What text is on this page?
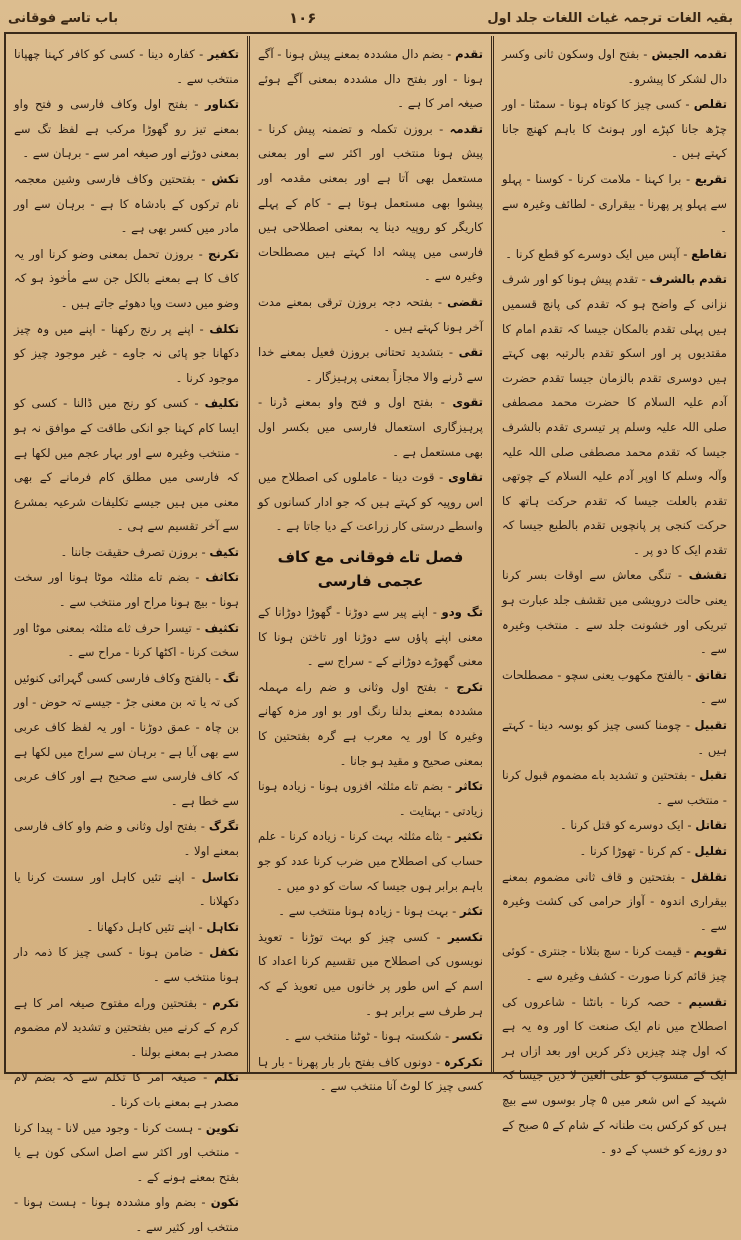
باب تاسے فوقانی	۱۰۶	بقیہ الغات ترجمہ غیاث اللغات جلد اول
تقدمہ الجیش - بفتح اول وسکون ثانی وکسر دال لشکر کا پیشرو۔
تقلص - کسی چیز کا کوتاہ ہونا - سمٹنا - اور چڑھ جانا کپڑے اور ہونٹ کا باہم کھنچ جانا کہتے ہیں ۔
تقریع - برا کہنا - ملامت کرنا - کوسنا - پہلو سے پہلو پر پھرنا - بیقراری - لطائف وغیرہ سے ۔
تقاطع - آپس میں ایک دوسرے کو قطع کرنا ۔
تقدم بالشرف - تقدم پیش ہونا کو اور شرف نزانی کے واضح ہو کہ تقدم کی پانچ قسمیں ہیں پہلی تقدم بالمکان جیسا کہ تقدم امام کا مقتدیوں پر اور اسکو تقدم بالرتبہ بھی کہتے ہیں دوسری تقدم بالزمان جیسا تقدم حضرت آدم علیہ السلام کا حضرت محمد مصطفی صلی اللہ علیہ وسلم پر تیسری تقدم بالشرف جیسا کہ تقدم محمد مصطفی صلی اللہ علیہ وآلہ وسلم کا اوپر آدم علیہ السلام کے چوتھی تقدم بالعلت جیسا کہ تقدم حرکت ہاتھ کا حرکت کنجی پر پانچویں تقدم بالطبع جیسا کہ تقدم ایک کا دو پر ۔
تقشف - تنگی معاش سے اوقات بسر کرنا یعنی حالت درویشی میں تقشف جلد عبارت ہو تبریکی اور خشونت جلد سے ۔ منتخب وغیرہ سے ۔
تقاتق - بالفتح مکھوب یعنی سچو - مصطلحات سے ۔
تقبیل - چومنا کسی چیز کو بوسہ دینا - کہتے ہیں ۔
تقبل - بفتحتین و تشدید باے مضموم قبول کرنا - منتخب سے ۔
تقاتل - ایک دوسرے کو قتل کرنا ۔
تفلیل - کم کرنا - تھوڑا کرنا ۔
تقلقل - بفتحتین و قاف ثانی مضموم بمعنے بیقراری اندوہ - آواز حرامی کی کشت وغیرہ سے ۔
تقویم - قیمت کرنا - سچ بتلانا - جنتری - کوئی چیز قائم کرنا صورت - کشف وغیرہ سے ۔
تقسیم - حصہ کرنا - بانٹنا - شاعروں کی اصطلاح میں نام ایک صنعت کا اور وہ یہ ہے کہ اول چند چیزیں ذکر کریں اور بعد ازاں ہر ایک کے منسوب کو علی العین لا دیں جیسا کہ شہید کے اس شعر میں ۵ چار بوسوں سے بیچ ہیں کو کرکس بت طنانہ کے شام کے ۵ صبح کے دو روزے کو خسپ کے دو ۔
تقدم - بضم دال مشددہ بمعنے پیش ہونا - آگے ہونا - اور بفتح دال مشددہ بمعنی آگے ہوئے صیغہ امر کا ہے ۔
تقدمہ - بروزن تکملہ و تضمنہ پیش کرنا - پیش ہونا منتخب اور اکثر سے اور بمعنی مستعمل بھی آتا ہے اور بمعنی مقدمہ اور پیشوا بھی مستعمل ہوتا ہے - کام کے پہلے کاریگر کو روپیہ دینا یہ بمعنی اصطلاحی ہیں فارسی میں پیشہ ادا کہتے ہیں مصطلحات وغیرہ سے ۔
تقضی - بفتحہ دجہ بروزن ترقی بمعنے مدت آخر ہونا کہتے ہیں ۔
تقی - بتشدید تحتانی بروزن فعیل بمعنے خدا سے ڈرنے والا مجازاً بمعنی پرہیزگار ۔
تقوی - بفتح اول و فتح واو بمعنے ڈرنا - پرہیزگاری استعمال فارسی میں بکسر اول بھی مستعمل ہے ۔
تقاوی - قوت دینا - عاملوں کی اصطلاح میں اس روپیہ کو کہتے ہیں کہ جو ادار کسانوں کو واسطے درستی کار زراعت کے دیا جاتا ہے ۔
فصل تاے فوقانی مع کاف عجمی فارسی
تگ ودو - اپنے پیر سے دوڑنا - گھوڑا دوڑانا کے معنی اپنے پاؤں سے دوڑنا اور تاختن ہونا کا معنی گھوڑے دوڑانے کے - سراج سے ۔
تکرج - بفتح اول وثانی و ضم راے مہملہ مشددہ بمعنے بدلنا رنگ اور بو اور مزہ کھانے وغیرہ کا اور یہ معرب ہے گرہ بفتحتین کا بمعنی صحیح و مقید ہو جانا ۔
تکاثر - بضم تاے مثلثہ افزوں ہونا - زیادہ ہونا زیادتی - بہتایت ۔
تکثیر - بثاے مثلثہ بہت کرنا - زیادہ کرنا - علم حساب کی اصطلاح میں ضرب کرنا عدد کو جو باہم برابر ہوں جیسا کہ سات کو دو میں ۔
تکثر - بہت ہونا - زیادہ ہونا منتخب سے ۔
تکسیر - کسی چیز کو بہت توڑنا - تعویذ نویسوں کی اصطلاح میں تقسیم کرنا اعداد کا اسم کے اس طور پر خانوں میں تعویذ کے کہ ہر طرف سے برابر ہو ۔
تکسر - شکستہ ہونا - ٹوٹنا منتخب سے ۔
تکرکرہ - دونوں کاف بفتح بار بار پھرنا - بار ہا کسی چیز کا لوٹ آنا منتخب سے ۔
تکفیر - کفارہ دینا - کسی کو کافر کہنا چھپانا منتخب سے ۔
تکناور - بفتح اول وکاف فارسی و فتح واو بمعنے تیز رو گھوڑا مرکب ہے لفظ تگ سے بمعنی دوڑنے اور صیغہ امر سے - برہان سے ۔
تکش - بفتحتین وکاف فارسی وشین معجمہ نام ترکوں کے بادشاہ کا ہے - برہان سے اور مادر میں کسر بھی ہے ۔
تکرنج - بروزن تحمل بمعنی وضو کرنا اور یہ کاف کا ہے بمعنے بالکل جن سے مأخوذ ہو کہ وضو میں دست وپا دھوئے جاتے ہیں ۔
تکلف - اپنے پر رنج رکھنا - اپنے میں وہ چیز دکھانا جو پائی نہ جاوے - غیر موجود چیز کو موجود کرنا ۔
تکلیف - کسی کو رنج میں ڈالنا - کسی کو ایسا کام کہنا جو انکی طاقت کے موافق نہ ہو - منتخب وغیرہ سے اور بہار عجم میں لکھا ہے کہ فارسی میں مطلق کام فرمانے کے بھی معنی میں ہیں جیسے تکلیفات شرعیہ بمشرع سے آخر تقسیم سے ہی ۔
تکیف - بروزن تصرف حقیقت جاننا ۔
تکاثف - بضم تاے مثلثہ موٹا ہونا اور سخت ہونا - بیچ ہونا مراح اور منتخب سے ۔
تکثیف - تیسرا حرف ثاے مثلثہ بمعنی موٹا اور سخت کرنا - اکٹھا کرنا - مراح سے ۔
تگ - بالفتح وکاف فارسی کسی گہرائی کنوئیں کی تہ یا تہ بن معنی جڑ - جیسے تہ حوض - اور بن چاہ - عمق دوڑنا - اور یہ لفظ کاف عربی سے بھی آیا ہے - برہان سے سراج میں لکھا ہے کہ کاف فارسی سے صحیح ہے اور کاف عربی سے خطا ہے ۔
تگرگ - بفتح اول وثانی و ضم واو کاف فارسی بمعنے اولا ۔
تکاسل - اپنے تئیں کاہل اور سست کرنا یا دکھلانا ۔
تکاہل - اپنے تئیں کاہل دکھانا ۔
تکفل - ضامن ہونا - کسی چیز کا ذمہ دار ہونا منتخب سے ۔
تکرم - بفتحتین وراے مفتوح صیغہ امر کا ہے کرم کے کرنے میں بفتحتین و تشدید لام مضموم مصدر ہے بمعنے بولنا ۔
تکلم - صیغہ امر کا تکلم سے کہ بضم لام مصدر ہے بمعنے بات کرنا ۔
تکوین - ہست کرنا - وجود میں لانا - پیدا کرنا - منتخب اور اکثر سے اصل اسکی کون ہے یا بفتح بمعنے ہونے کے ۔
تکون - بضم واو مشددہ ہونا - ہست ہونا - منتخب اور کثیر سے ۔
